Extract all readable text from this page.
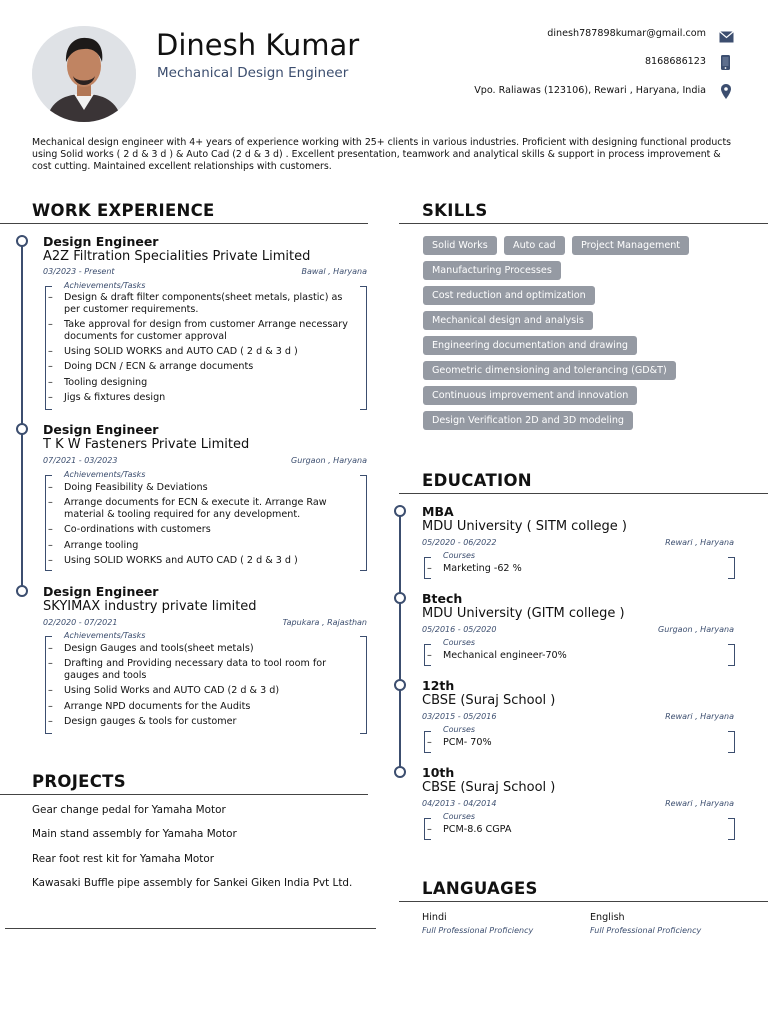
Dinesh Kumar
Mechanical Design Engineer
dinesh787898kumar@gmail.com
8168686123
Vpo. Raliawas (123106), Rewari , Haryana, India
Mechanical design engineer with 4+ years of experience working with 25+ clients in various industries. Proficient with designing functional products using Solid works ( 2 d & 3 d ) & Auto Cad (2 d & 3 d) . Excellent presentation, teamwork and analytical skills & support in process improvement & cost cutting. Maintained excellent relationships with customers.
WORK EXPERIENCE
Design Engineer
A2Z Filtration Specialities Private Limited
03/2023 - Present	Bawal , Haryana
Achievements/Tasks
– Design & draft filter components(sheet metals, plastic) as per customer requirements.
– Take approval for design from customer Arrange necessary documents for customer approval
– Using SOLID WORKS and AUTO CAD ( 2 d & 3 d )
– Doing DCN / ECN & arrange documents
– Tooling designing
– Jigs & fixtures design
Design Engineer
T K W Fasteners Private Limited
07/2021 - 03/2023	Gurgaon , Haryana
Achievements/Tasks
– Doing Feasibility & Deviations
– Arrange documents for ECN & execute it. Arrange Raw material & tooling required for any development.
– Co-ordinations with customers
– Arrange tooling
– Using SOLID WORKS and AUTO CAD ( 2 d & 3 d )
Design Engineer
SKYIMAX industry private limited
02/2020 - 07/2021	Tapukara , Rajasthan
Achievements/Tasks
– Design Gauges and tools(sheet metals)
– Drafting and Providing necessary data to tool room for gauges and tools
– Using Solid Works and AUTO CAD (2 d & 3 d)
– Arrange NPD documents for the Audits
– Design gauges & tools for customer
PROJECTS
Gear change pedal for Yamaha Motor
Main stand assembly for Yamaha Motor
Rear foot rest kit for Yamaha Motor
Kawasaki Buffle pipe assembly for Sankei Giken India Pvt Ltd.
SKILLS
Solid Works	Auto cad	Project Management
Manufacturing Processes
Cost reduction and optimization
Mechanical design and analysis
Engineering documentation and drawing
Geometric dimensioning and tolerancing (GD&T)
Continuous improvement and innovation
Design Verification 2D and 3D modeling
EDUCATION
MBA
MDU University ( SITM college )
05/2020 - 06/2022	Rewari , Haryana
Courses
– Marketing -62 %
Btech
MDU University (GITM college )
05/2016 - 05/2020	Gurgaon , Haryana
Courses
– Mechanical engineer-70%
12th
CBSE (Suraj School )
03/2015 - 05/2016	Rewari , Haryana
Courses
– PCM- 70%
10th
CBSE (Suraj School )
04/2013 - 04/2014	Rewari , Haryana
Courses
– PCM-8.6 CGPA
LANGUAGES
Hindi
Full Professional Proficiency
English
Full Professional Proficiency
